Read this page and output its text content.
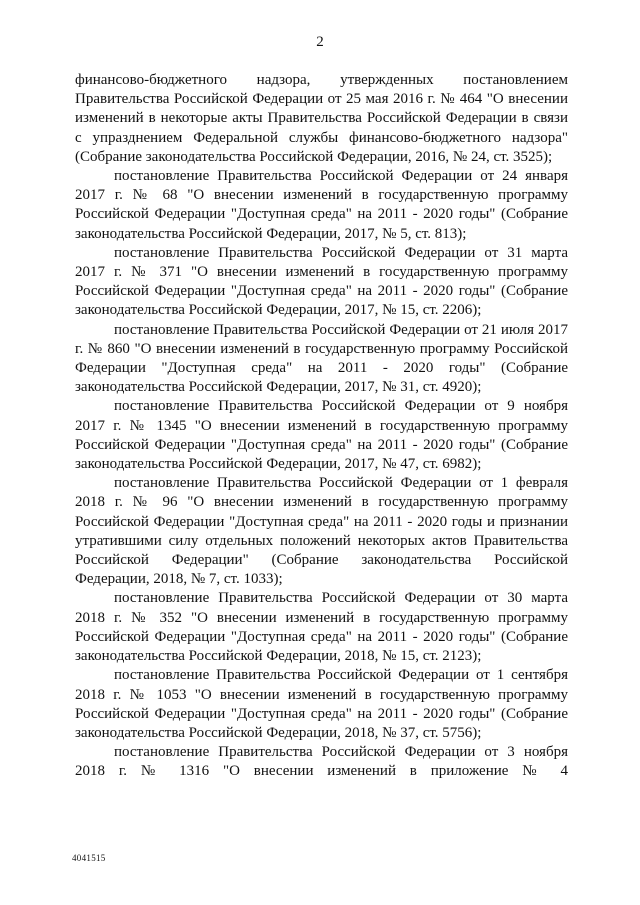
2

финансово-бюджетного надзора, утвержденных постановлением Правительства Российской Федерации от 25 мая 2016 г. № 464 "О внесении изменений в некоторые акты Правительства Российской Федерации в связи с упразднением Федеральной службы финансово-бюджетного надзора" (Собрание законодательства Российской Федерации, 2016, № 24, ст. 3525);

постановление Правительства Российской Федерации от 24 января 2017 г. № 68 "О внесении изменений в государственную программу Российской Федерации "Доступная среда" на 2011 - 2020 годы" (Собрание законодательства Российской Федерации, 2017, № 5, ст. 813);

постановление Правительства Российской Федерации от 31 марта 2017 г. № 371 "О внесении изменений в государственную программу Российской Федерации "Доступная среда" на 2011 - 2020 годы" (Собрание законодательства Российской Федерации, 2017, № 15, ст. 2206);

постановление Правительства Российской Федерации от 21 июля 2017 г. № 860 "О внесении изменений в государственную программу Российской Федерации "Доступная среда" на 2011 - 2020 годы" (Собрание законодательства Российской Федерации, 2017, № 31, ст. 4920);

постановление Правительства Российской Федерации от 9 ноября 2017 г. № 1345 "О внесении изменений в государственную программу Российской Федерации "Доступная среда" на 2011 - 2020 годы" (Собрание законодательства Российской Федерации, 2017, № 47, ст. 6982);

постановление Правительства Российской Федерации от 1 февраля 2018 г. № 96 "О внесении изменений в государственную программу Российской Федерации "Доступная среда" на 2011 - 2020 годы и признании утратившими силу отдельных положений некоторых актов Правительства Российской Федерации" (Собрание законодательства Российской Федерации, 2018, № 7, ст. 1033);

постановление Правительства Российской Федерации от 30 марта 2018 г. № 352 "О внесении изменений в государственную программу Российской Федерации "Доступная среда" на 2011 - 2020 годы" (Собрание законодательства Российской Федерации, 2018, № 15, ст. 2123);

постановление Правительства Российской Федерации от 1 сентября 2018 г. № 1053 "О внесении изменений в государственную программу Российской Федерации "Доступная среда" на 2011 - 2020 годы" (Собрание законодательства Российской Федерации, 2018, № 37, ст. 5756);

постановление Правительства Российской Федерации от 3 ноября 2018 г. № 1316 "О внесении изменений в приложение № 4

4041515
